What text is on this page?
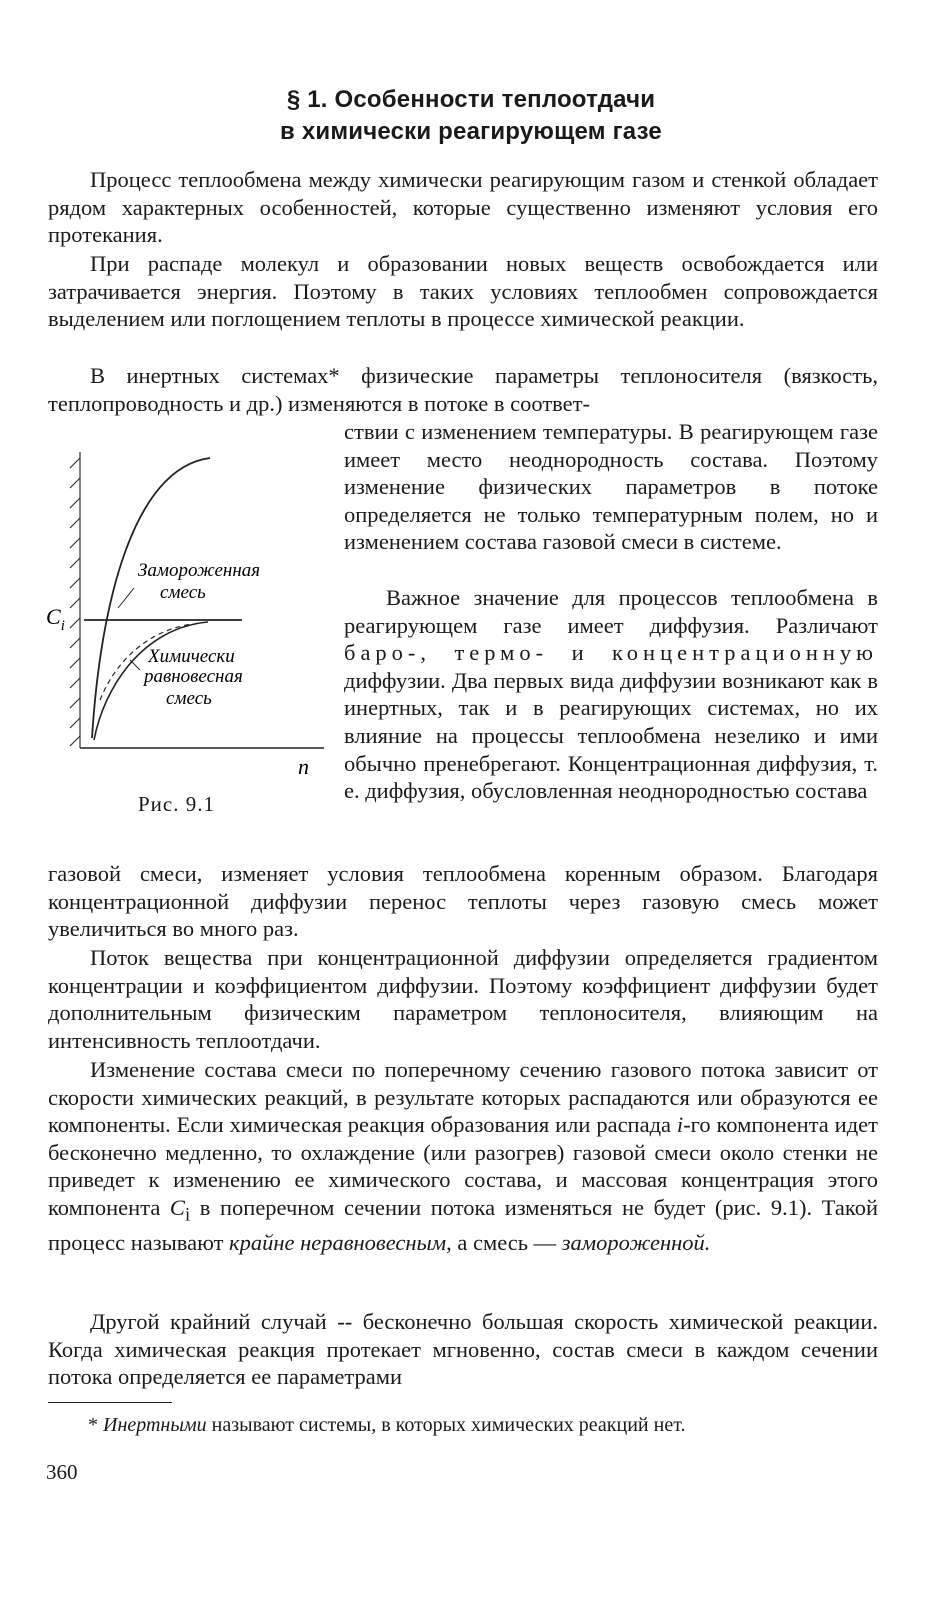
§ 1. Особенности теплоотдачи
в химически реагирующем газе

Процесс теплообмена между химически реагирующим газом и стенкой обладает рядом характерных особенностей, которые существенно изменяют условия его протекания.

При распаде молекул и образовании новых веществ освобождается или затрачивается энергия. Поэтому в таких условиях теплообмен сопровождается выделением или поглощением теплоты в процессе химической реакции.

В инертных системах* физические параметры теплоносителя (вязкость, теплопроводность и др.) изменяются в потоке в соответ-

ствии с изменением температуры. В реагирующем газе имеет место неоднородность состава. Поэтому изменение физических параметров в потоке определяется не только температурным полем, но и изменением состава газовой смеси в системе.

Важное значение для процессов теплообмена в реагирующем газе имеет диффузия. Различают баро-, термо- и концентрационную диффузии. Два первых вида диффузии возникают как в инертных, так и в реагирующих системах, но их влияние на процессы теплообмена незелико и ими обычно пренебрегают. Концентрационная диффузия, т. е. диффузия, обусловленная неоднородностью состава

газовой смеси, изменяет условия теплообмена коренным образом. Благодаря концентрационной диффузии перенос теплоты через газовую смесь может увеличиться во много раз.

Поток вещества при концентрационной диффузии определяется градиентом концентрации и коэффициентом диффузии. Поэтому коэффициент диффузии будет дополнительным физическим параметром теплоносителя, влияющим на интенсивность теплоотдачи.

Изменение состава смеси по поперечному сечению газового потока зависит от скорости химических реакций, в результате которых распадаются или образуются ее компоненты. Если химическая реакция образования или распада i-го компонента идет бесконечно медленно, то охлаждение (или разогрев) газовой смеси около стенки не приведет к изменению ее химического состава, и массовая концентрация этого компонента $C_i$ в поперечном сечении потока изменяться не будет (рис. 9.1). Такой процесс называют крайне неравновесным, а смесь — замороженной.

Другой крайний случай -- бесконечно большая скорость химической реакции. Когда химическая реакция протекает мгновенно, состав смеси в каждом сечении потока определяется ее параметрами

Замороженная
смесь
Химически
равновесная
смесь
$C_i$
n
Рис. 9.1
* Инертными называют системы, в которых химических реакций нет.
360
